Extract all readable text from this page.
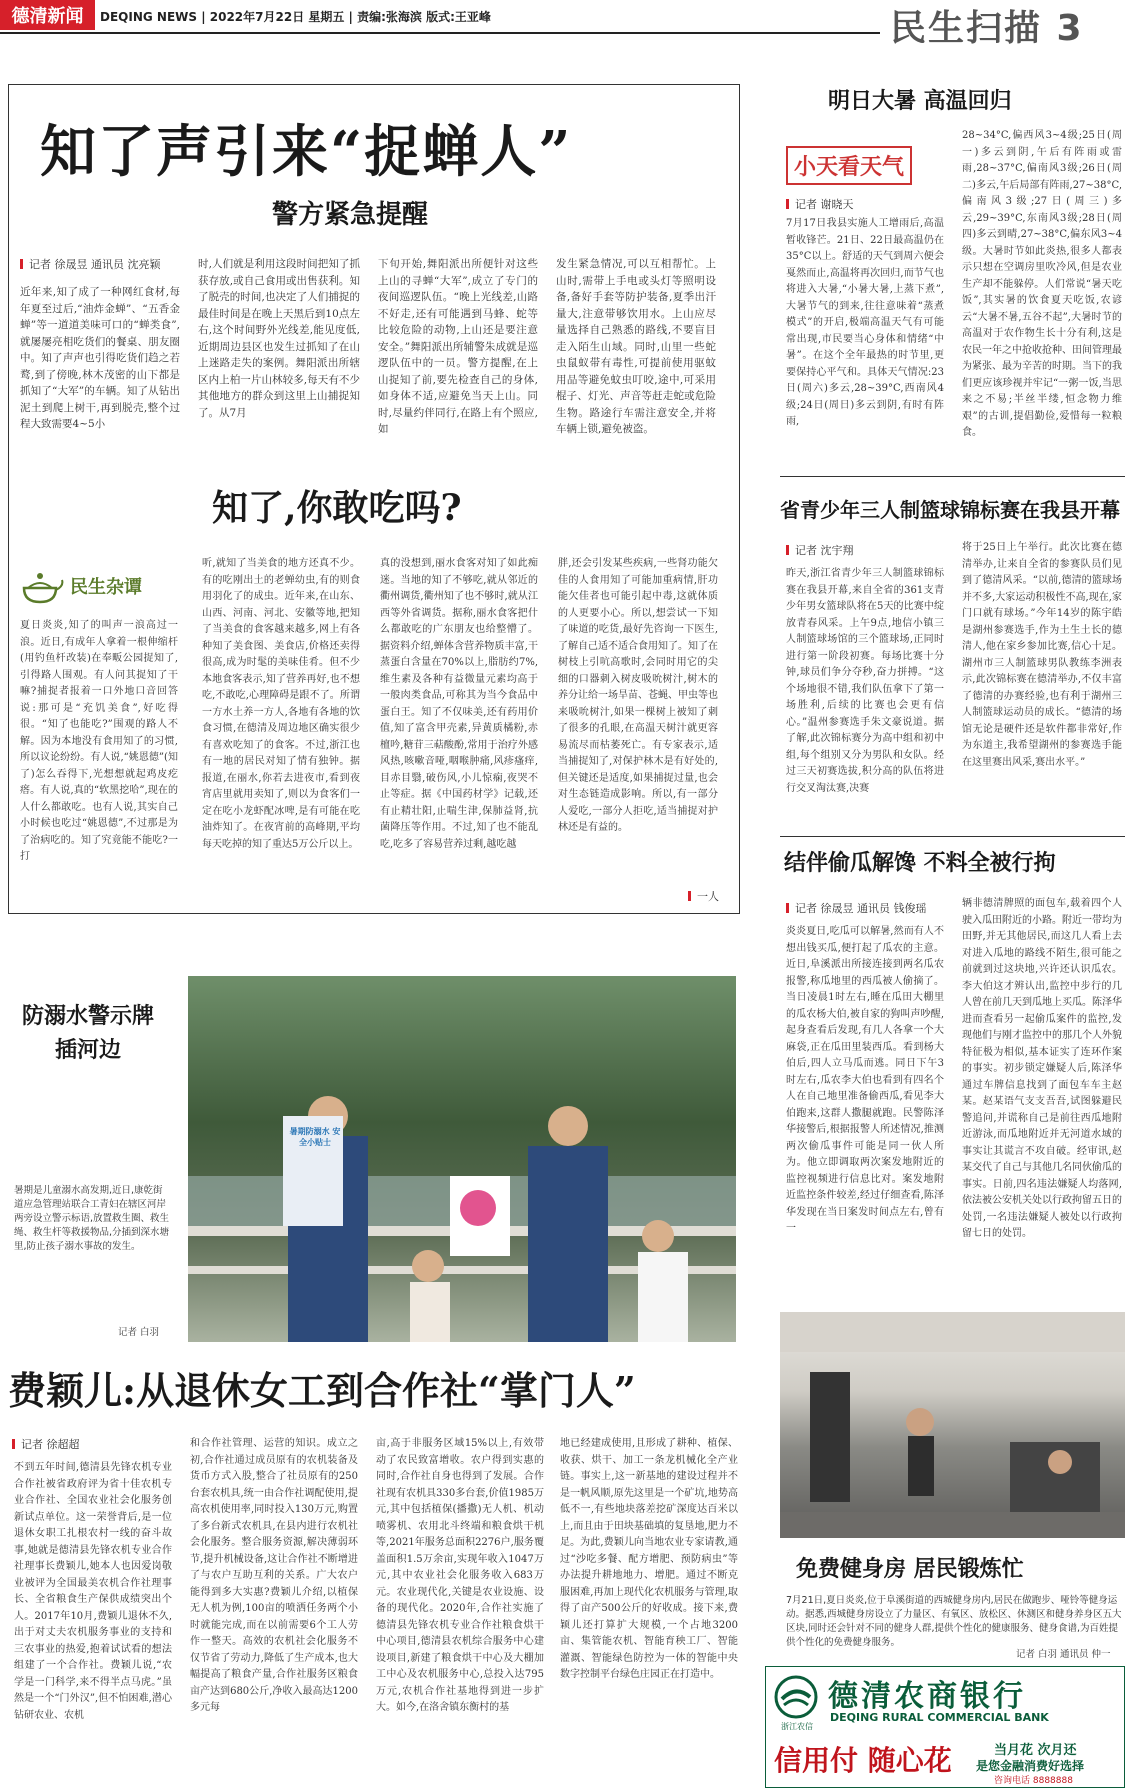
德清新闻	DEQING NEWS | 2022年7月22日 星期五 | 责编:张海滨 版式:王亚峰	民生扫描 3
知了声引来“捉蝉人”
警方紧急提醒
记者 徐晟昱 通讯员 沈亮颖
近年来,知了成了一种网红食材,每年夏至过后,“油炸金蝉”、“五香金蝉”等一道道美味可口的“蝉类食”,就屡屡亮相吃货们的餐桌、朋友圈中。知了声声也引得吃货们趋之若鹜,到了傍晚,林木茂密的山下都是抓知了“大军”的车辆。知了从钻出泥土到爬上树干,再到脱壳,整个过程大致需要4~5小
时,人们就是利用这段时间把知了抓获存放,或自己食用或出售获利。知了脱壳的时间,也决定了人们捕捉的最佳时间是在晚上天黑后到10点左右,这个时间野外光线差,能见度低,近期周边县区也发生过抓知了在山上迷路走失的案例。舞阳派出所辖区内上柏一片山林较多,每天有不少其他地方的群众到这里上山捕捉知了。从7月
下旬开始,舞阳派出所便针对这些上山的寻蝉“大军”,成立了专门的夜间巡逻队伍。“晚上光线差,山路不好走,还有可能遇到马蜂、蛇等比较危险的动物,上山还是要注意安全。”舞阳派出所辅警朱成就是巡逻队伍中的一员。警方提醒,在上山捉知了前,要先检查自己的身体,如身体不适,应避免当天上山。同时,尽量约伴同行,在路上有个照应,如
发生紧急情况,可以互相帮忙。上山时,需带上手电或头灯等照明设备,备好手套等防护装备,夏季出汗量大,注意带够饮用水。上山应尽量选择自己熟悉的路线,不要盲目走入陌生山域。同时,山里一些蛇虫鼠蚁带有毒性,可提前使用驱蚊用品等避免蚊虫叮咬,途中,可采用棍子、灯光、声音等赶走蛇或危险生物。路途行车需注意安全,并将车辆上锁,避免被盗。
知了,你敢吃吗?
民生杂谭
夏日炎炎,知了的叫声一浪高过一浪。近日,有成年人拿着一根伸缩杆(用钓鱼杆改装)在奉畈公园捉知了,引得路人围观。有人问其捉知了干嘛?捕捉者报着一口外地口音回答说:那可是“充饥美食”,好吃得很。“知了也能吃?”围观的路人不解。因为本地没有食用知了的习惯,所以议论纷纷。有人说,“姚恩德”(知了)怎么吞得下,光想想就起鸡皮疙瘩。有人说,真的“软黑挖哈”,现在的人什么都敢吃。也有人说,其实自己小时候也吃过“姚恩德”,不过那是为了治病吃的。知了究竟能不能吃?一打
听,就知了当美食的地方还真不少。有的吃刚出土的老蝉幼虫,有的则食用羽化了的成虫。近年来,在山东、山西、河南、河北、安徽等地,把知了当美食的食客越来越多,网上有各种知了美食图、美食店,价格还卖得很高,成为时髦的美味佳肴。但不少本地食客表示,知了营养再好,也不想吃,不敢吃,心理障碍是跟不了。所谓一方水土养一方人,各地有各地的饮食习惯,在德清及周边地区确实很少有喜欢吃知了的食客。不过,浙江也有一地的居民对知了情有独钟。据报道,在丽水,你若去进夜市,看到夜宵店里就用卖知了,则以为食客们一定在吃小龙虾配冰啤,是有可能在吃油炸知了。在夜宵前的高峰期,平均每天吃掉的知了重达5万公斤以上。
真的没想到,丽水食客对知了如此痴迷。当地的知了不够吃,就从邻近的衢州调货,衢州知了也不够时,就从江西等外省调货。据称,丽水食客把什么都敢吃的广东朋友也给整懵了。据资料介绍,蝉体含营养物质丰富,干蒸蛋白含量在70%以上,脂肪约7%,维生素及各种有益微量元素均高于一般肉类食品,可称其为当今食品中蛋白王。知了不仅味美,还有药用价值,知了富含甲壳素,异黄质橘粉,赤檀吟,糖苷三萜酸酚,常用于治疗外感风热,咳嗽音哑,咽喉肿痛,风疹瘙痒,目赤目翳,破伤风,小儿惊痫,夜哭不止等症。据《中国药材学》记载,还有止精壮阳,止喘生津,保肺益肾,抗菌降压等作用。不过,知了也不能乱吃,吃多了容易营养过剩,越吃越
胖,还会引发某些疾病,一些肾功能欠佳的人食用知了可能加重病情,肝功能欠佳者也可能引起中毒,这就体质的人更要小心。所以,想尝试一下知了味道的吃货,最好先咨询一下医生,了解自己适不适合食用知了。知了在树枝上引吭高歌时,会同时用它的尖细的口器刺入树皮吸吮树汁,树木的养分让给一场旱苗、苍蝇、甲虫等也来吸吮树汁,如果一棵树上被知了刺了很多的孔眼,在高温天树汁就更容易流尽而枯萎死亡。有专家表示,适当捕捉知了,对保护林木是有好处的,但关键还是适度,如果捕捉过量,也会对生态链造成影响。所以,有一部分人爱吃,一部分人拒吃,适当捕捉对护林还是有益的。
一人
明日大暑 高温回归
小天看天气
记者 谢晓天
7月17日我县实施人工增雨后,高温暂收锋芒。21日、22日最高温仍在35°C以上。舒适的天气到周六便会戛然而止,高温将再次回归,而节气也将进入大暑,“小暑大暑,上蒸下煮”,大暑节气的到来,往往意味着“蒸煮模式”的开启,极端高温天气有可能常出现,市民要当心身体和情绪“中暑”。在这个全年最热的时节里,更要保持心平气和。具体天气情况:23日(周六)多云,28~39°C,西南风4级;24日(周日)多云到阴,有时有阵雨,
28~34°C,偏西风3~4级;25日(周一)多云到阴,午后有阵雨或雷雨,28~37°C,偏南风3级;26日(周二)多云,午后局部有阵雨,27~38°C,偏南风3级;27日(周三)多云,29~39°C,东南风3级;28日(周四)多云到晴,27~38°C,偏东风3~4级。大暑时节如此炎热,很多人都表示只想在空调房里吹冷风,但是农业生产却不能躲停。人们常说“暑天吃饭”,其实暑的饮食夏天吃饭,农谚云“大暑不暑,五谷不起”,大暑时节的高温对于农作物生长十分有利,这是农民一年之中抢收抢种、田间管理最为紧张、最为辛苦的时期。当下的我们更应该珍视并牢记“一粥一饭,当思来之不易;半丝半缕,恒念物力维艰”的古训,提倡勤俭,爱惜每一粒粮食。
省青少年三人制篮球锦标赛在我县开幕
记者 沈宇翔
昨天,浙江省青少年三人制篮球锦标赛在我县开幕,来自全省的361支青少年男女篮球队将在5天的比赛中绽放青春风采。上午9点,地信小镇三人制篮球场馆的三个篮球场,正同时进行第一阶段初赛。每场比赛十分钟,球员们争分夺秒,奋力拼搏。“这个场地很不错,我们队伍拿下了第一场胜利,后续的比赛也会更有信心。”温州参赛选手朱文豪说道。据了解,此次锦标赛分为高中组和初中组,每个组别又分为男队和女队。经过三天初赛选拔,积分高的队伍将进行交叉淘汰赛,决赛
将于25日上午举行。此次比赛在德清举办,让来自全省的参赛队员们见到了德清风采。“以前,德清的篮球场并不多,大家运动积极性不高,现在,家门口就有球场。”今年14岁的陈宇皓是湖州参赛选手,作为土生土长的德清人,他在家乡参加比赛,信心十足。湖州市三人制篮球男队教练李洲表示,此次锦标赛在德清举办,不仅丰富了德清的办赛经验,也有利于湖州三人制篮球运动员的成长。“德清的场馆无论是硬件还是软件都非常好,作为东道主,我希望湖州的参赛选手能在这里赛出风采,赛出水平。”
结伴偷瓜解馋 不料全被行拘
记者 徐晟昱 通讯员 钱俊瑶
炎炎夏日,吃瓜可以解暑,然而有人不想出钱买瓜,便打起了瓜农的主意。近日,阜溪派出所接连接到两名瓜农报警,称瓜地里的西瓜被人偷摘了。当日凌晨1时左右,睡在瓜田大棚里的瓜农杨大伯,被自家的狗叫声吵醒,起身查看后发现,有几人各拿一个大麻袋,正在瓜田里装西瓜。看到杨大伯后,四人立马瓜而逃。同日下午3时左右,瓜农李大伯也看到有四名个人在自己地里准备偷西瓜,看见李大伯跑来,这群人撒腿就跑。民警陈泽华接警后,根据报警人所述情况,推测两次偷瓜事件可能是同一伙人所为。他立即调取两次案发地附近的监控视频进行信息比对。案发地附近监控条件较差,经过仔细查看,陈泽华发现在当日案发时间点左右,曾有一
辆非德清牌照的面包车,载着四个人驶入瓜田附近的小路。附近一带均为田野,并无其他居民,而这几人看上去对进入瓜地的路线不陌生,很可能之前就到过这块地,兴许还认识瓜农。李大伯这才辨认出,监控中步行的几人曾在前几天到瓜地上买瓜。陈泽华进而查看另一起偷瓜案件的监控,发现他们与刚才监控中的那几个人外貌特征极为相似,基本证实了连环作案的事实。初步锁定嫌疑人后,陈泽华通过车牌信息找到了面包车车主赵某。赵某语气支支吾吾,试图躲避民警追问,并谎称自己是前往西瓜地附近游泳,而瓜地附近并无河道水域的事实让其谎言不攻自破。经审讯,赵某交代了自己与其他几名同伙偷瓜的事实。日前,四名违法嫌疑人均落网,依法被公安机关处以行政拘留五日的处罚,一名违法嫌疑人被处以行政拘留七日的处罚。
防溺水警示牌
插河边
暑期是儿童溺水高发期,近日,康乾街道应急管理站联合工青妇在辖区河岸两旁设立警示标语,放置救生圈、救生绳、救生杆等救援物品,分插到深水塘里,防止孩子溺水事故的发生。
记者 白羽
暑期防溺水 安全小贴士
免费健身房 居民锻炼忙
7月21日,夏日炎炎,位于阜溪街道的西城健身房内,居民在做跑步、哑铃等健身运动。据悉,西城健身房设立了力量区、有氧区、放松区、休测区和健身养身区五大区块,同时还会针对不同的健身人群,提供个性化的健康服务、健身食谱,为百姓提供个性化的免费健身服务。
记者 白羽 通讯员 仲一
费颖儿:从退休女工到合作社“掌门人”
记者 徐超超
不到五年时间,德清县先锋农机专业合作社被省政府评为省十佳农机专业合作社、全国农业社会化服务创新试点单位。这一荣誉背后,是一位退休女职工扎根农村一线的奋斗故事,她就是德清县先锋农机专业合作社理事长费颖儿,她本人也因爱岗敬业被评为全国最美农机合作社理事长、全省粮食生产保供成绩突出个人。2017年10月,费颖儿退休不久,出于对丈夫农机服务事业的支持和三农事业的热爱,抱着试试看的想法组建了一个合作社。费颖儿说,“农学是一门科学,来不得半点马虎。”虽然是一个“门外汉”,但不怕困难,潜心钻研农业、农机
和合作社管理、运营的知识。成立之初,合作社通过成员原有的农机装备及货币方式入股,整合了社员原有的250台套农机具,统一由合作社调配使用,提高农机使用率,同时投入130万元,购置了多台新式农机具,在县内进行农机社会化服务。整合服务资源,解决薄弱环节,提升机械设备,这让合作社不断增进了与农户互助互利的关系。广大农户能得到多大实惠?费颖儿介绍,以植保无人机为例,100亩的喷洒任务两个小时就能完成,而在以前需要6个工人劳作一整天。高效的农机社会化服务不仅节省了劳动力,降低了生产成本,也大幅提高了粮食产量,合作社服务区粮食亩产达到680公斤,净收入最高达1200多元每
亩,高于非服务区域15%以上,有效带动了农民致富增收。农户得到实惠的同时,合作社自身也得到了发展。合作社现有农机具330多台套,价值1985万元,其中包括植保(播撒)无人机、机动喷雾机、农用北斗终端和粮食烘干机等,2021年服务总面积2276户,服务覆盖面积1.5万余亩,实现年收入1047万元,其中农业社会化服务收入683万元。农业现代化,关键是农业设施、设备的现代化。2020年,合作社实施了德清县先锋农机专业合作社粮食烘干中心项目,德清县农机综合服务中心建设项目,新建了粮食烘干中心及大棚加工中心及农机服务中心,总投入达795万元,农机合作社基地得到进一步扩大。如今,在洛舍镇东衡村的基
地已经建成使用,且形成了耕种、植保、收获、烘干、加工一条龙机械化全产业链。事实上,这一新基地的建设过程并不是一帆风顺,原先这里是一个矿坑,地势高低不一,有些地块落差挖矿深度达百米以上,而且由于田块基础填的复垦地,肥力不足。为此,费颖儿向当地农业专家请教,通过“沙吃多餐、配方增肥、预防病虫”等办法提升耕地地力、增肥。通过不断克服困难,再加上现代化农机服务与管理,取得了亩产500公斤的好收成。接下来,费颖儿还打算扩大规模,一个占地3200亩、集管能农机、智能育秧工厂、智能灌溉、智能绿色防控为一体的智能中央数字控制平台绿色庄园正在打造中。
浙江农信
德清农商银行
DEQING RURAL COMMERCIAL BANK
信用付 随心花	当月花 次月还
是您金融消费好选择
咨询电话 8888888
